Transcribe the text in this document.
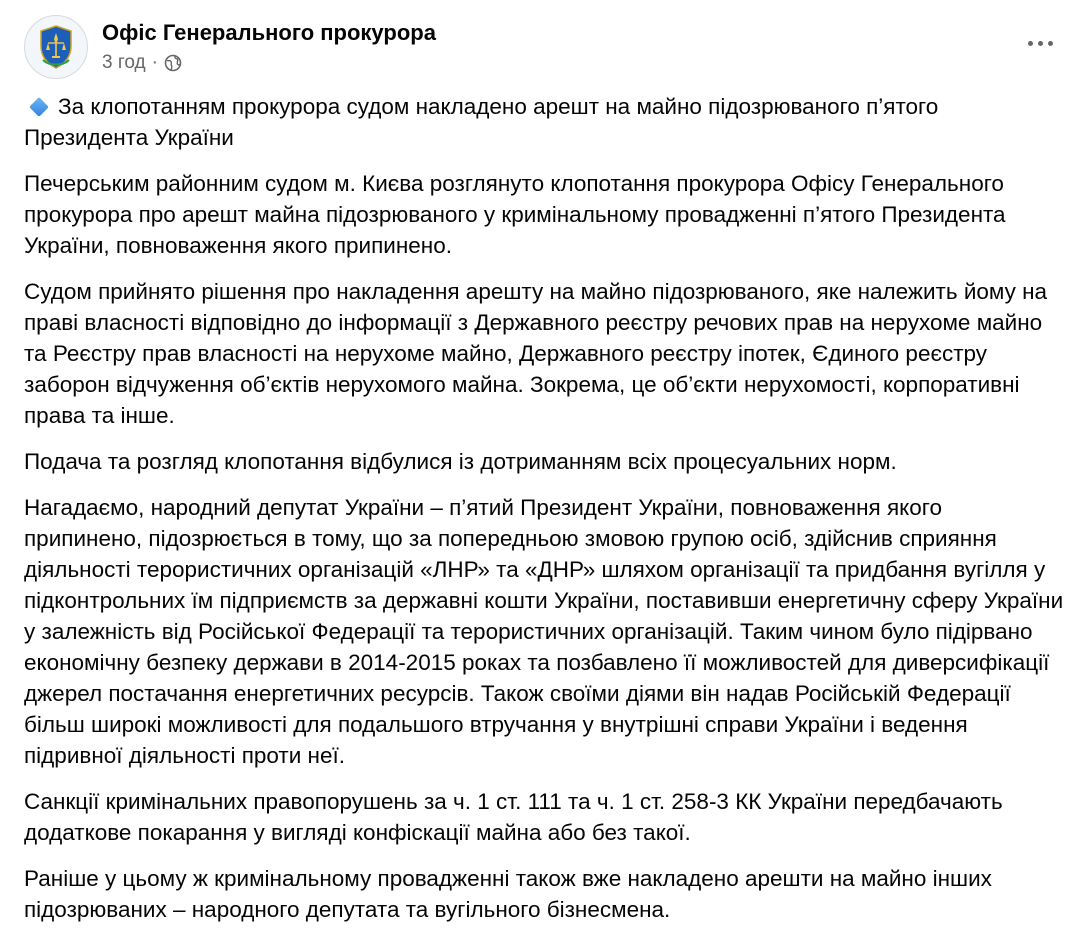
Офіс Генерального прокурора
3 год ·
За клопотанням прокурора судом накладено арешт на майно підозрюваного п’ятого Президента України
Печерським районним судом м. Києва розглянуто клопотання прокурора Офісу Генерального прокурора про арешт майна підозрюваного у кримінальному провадженні п’ятого Президента України, повноваження якого припинено.
Судом прийнято рішення про накладення арешту на майно підозрюваного, яке належить йому на праві власності відповідно до інформації з Державного реєстру речових прав на нерухоме майно та Реєстру прав власності на нерухоме майно, Державного реєстру іпотек, Єдиного реєстру заборон відчуження об’єктів нерухомого майна. Зокрема, це об’єкти нерухомості, корпоративні права та інше.
Подача та розгляд клопотання відбулися із дотриманням всіх процесуальних норм.
Нагадаємо, народний депутат України – п’ятий Президент України, повноваження якого припинено, підозрюється в тому, що за попередньою змовою групою осіб, здійснив сприяння діяльності терористичних організацій «ЛНР» та «ДНР» шляхом організації та придбання вугілля у підконтрольних їм підприємств за державні кошти України, поставивши енергетичну сферу України у залежність від Російської Федерації та терористичних організацій. Таким чином було підірвано економічну безпеку держави в 2014-2015 роках та позбавлено її можливостей для диверсифікації джерел постачання енергетичних ресурсів. Також своїми діями він надав Російській Федерації більш широкі можливості для подальшого втручання у внутрішні справи України і ведення підривної діяльності проти неї.
Санкції кримінальних правопорушень за ч. 1 ст. 111 та ч. 1 ст. 258-3 КК України передбачають додаткове покарання у вигляді конфіскації майна або без такої.
Раніше у цьому ж кримінальному провадженні також вже накладено арешти на майно інших підозрюваних – народного депутата та вугільного бізнесмена.
